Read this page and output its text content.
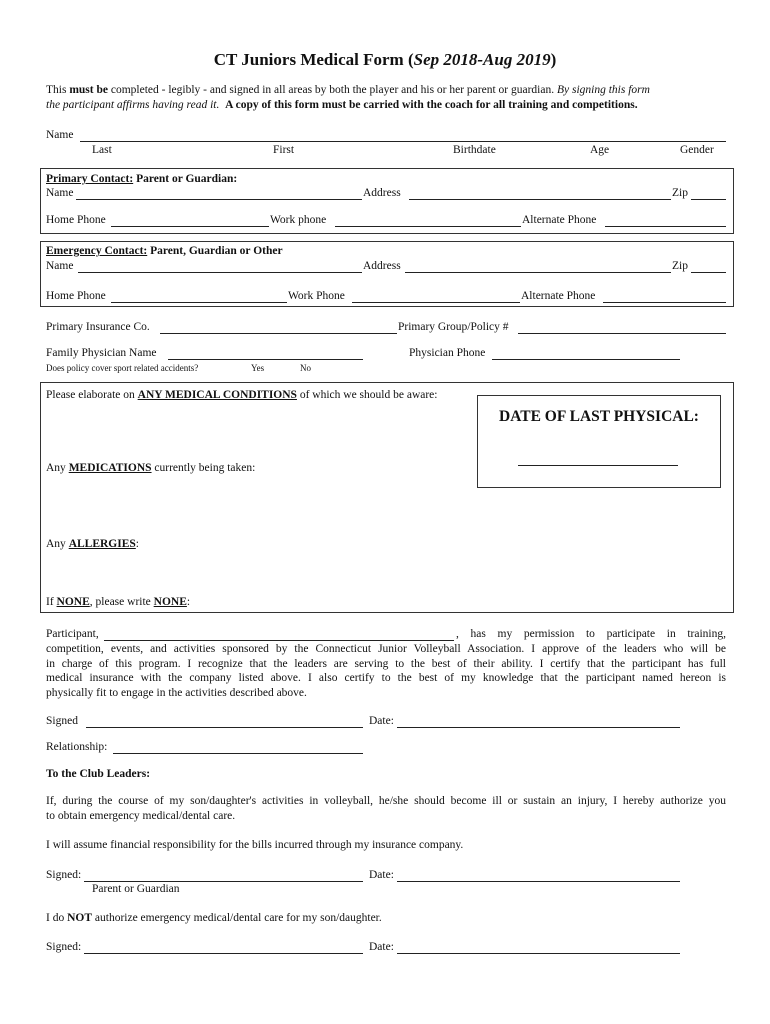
CT Juniors Medical Form (Sep 2018-Aug 2019)
This must be completed - legibly - and signed in all areas by both the player and his or her parent or guardian. By signing this form
the participant affirms having read it. A copy of this form must be carried with the coach for all training and competitions.
Name
Last	First	Birthdate	Age	Gender
Primary Contact: Parent or Guardian:
Name	Address	Zip
Home Phone	Work phone	Alternate Phone
Emergency Contact: Parent, Guardian or Other
Name	Address	Zip
Home Phone	Work Phone	Alternate Phone
Primary Insurance Co.	Primary Group/Policy #
Family Physician Name	Physician Phone
Does policy cover sport related accidents?	Yes	No
Please elaborate on ANY MEDICAL CONDITIONS of which we should be aware:
DATE OF LAST PHYSICAL:
Any MEDICATIONS currently being taken:
Any ALLERGIES:
If NONE, please write NONE:
Participant,	, has my permission to participate in training,
competition, events, and activities sponsored by the Connecticut Junior Volleyball Association. I approve of the leaders who will be
in charge of this program. I recognize that the leaders are serving to the best of their ability. I certify that the participant has full
medical insurance with the company listed above. I also certify to the best of my knowledge that the participant named hereon is
physically fit to engage in the activities described above.
Signed	Date:
Relationship:
To the Club Leaders:
If, during the course of my son/daughter's activities in volleyball, he/she should become ill or sustain an injury, I hereby authorize you
to obtain emergency medical/dental care.
I will assume financial responsibility for the bills incurred through my insurance company.
Signed:	Date:
Parent or Guardian
I do NOT authorize emergency medical/dental care for my son/daughter.
Signed:	Date:
